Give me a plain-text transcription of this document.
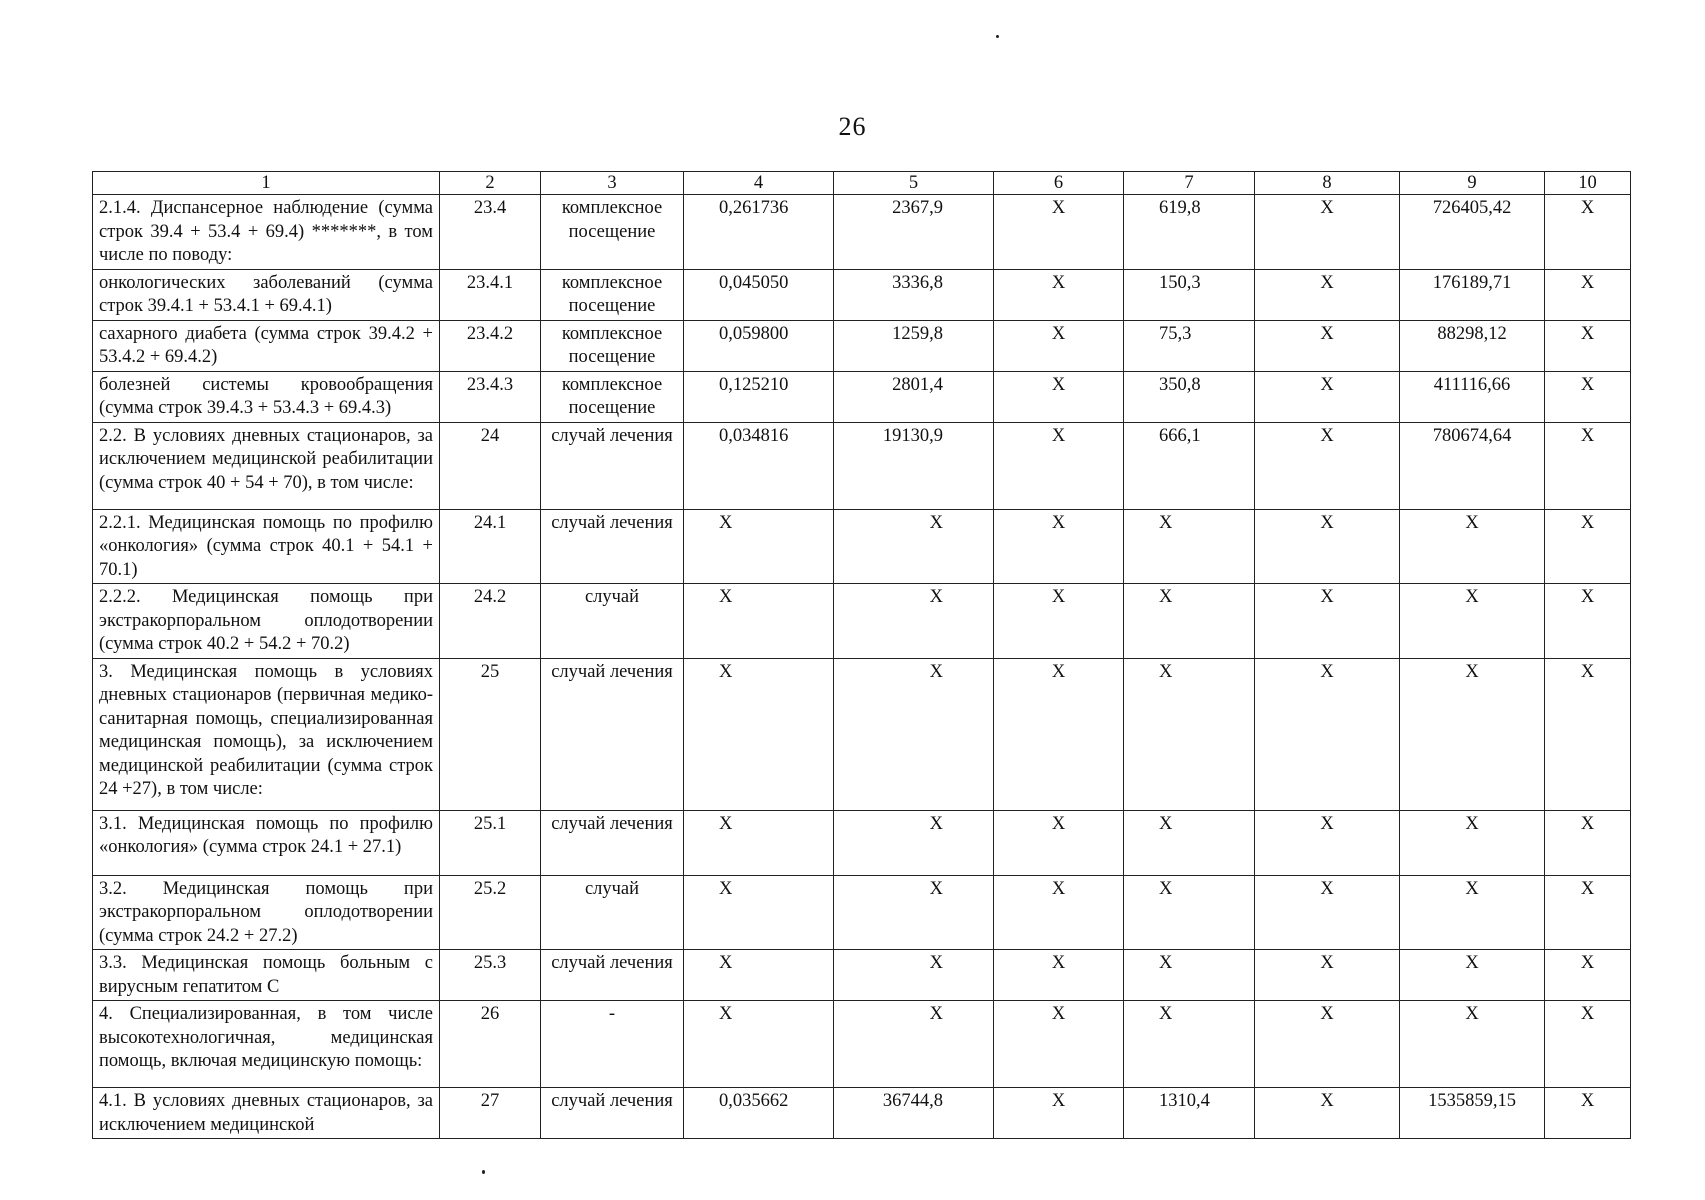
26
1	2	3	4	5	6	7	8	9	10
2.1.4. Диспансерное наблюдение (сумма строк 39.4 + 53.4 + 69.4) *******, в том числе по поводу:	23.4	комплексное посещение	0,261736	2367,9	X	619,8	X	726405,42	X
онкологических заболеваний (сумма строк 39.4.1 + 53.4.1 + 69.4.1)	23.4.1	комплексное посещение	0,045050	3336,8	X	150,3	X	176189,71	X
сахарного диабета (сумма строк 39.4.2 + 53.4.2 + 69.4.2)	23.4.2	комплексное посещение	0,059800	1259,8	X	75,3	X	88298,12	X
болезней системы кровообращения (сумма строк 39.4.3 + 53.4.3 + 69.4.3)	23.4.3	комплексное посещение	0,125210	2801,4	X	350,8	X	411116,66	X
2.2. В условиях дневных стационаров, за исключением медицинской реабилитации (сумма строк 40 + 54 + 70), в том числе:	24	случай лечения	0,034816	19130,9	X	666,1	X	780674,64	X
2.2.1. Медицинская помощь по профилю «онкология» (сумма строк 40.1 + 54.1 + 70.1)	24.1	случай лечения	X	X	X	X	X	X	X
2.2.2. Медицинская помощь при экстракорпоральном оплодотворении (сумма строк 40.2 + 54.2 + 70.2)	24.2	случай	X	X	X	X	X	X	X
3. Медицинская помощь в условиях дневных стационаров (первичная медико-санитарная помощь, специализированная медицинская помощь), за исключением медицинской реабилитации (сумма строк 24 +27), в том числе:	25	случай лечения	X	X	X	X	X	X	X
3.1. Медицинская помощь по профилю «онкология» (сумма строк 24.1 + 27.1)	25.1	случай лечения	X	X	X	X	X	X	X
3.2. Медицинская помощь при экстракорпоральном оплодотворении (сумма строк 24.2 + 27.2)	25.2	случай	X	X	X	X	X	X	X
3.3. Медицинская помощь больным с вирусным гепатитом С	25.3	случай лечения	X	X	X	X	X	X	X
4. Специализированная, в том числе высокотехнологичная, медицинская помощь, включая медицинскую помощь:	26	-	X	X	X	X	X	X	X
4.1. В условиях дневных стационаров, за исключением медицинской	27	случай лечения	0,035662	36744,8	X	1310,4	X	1535859,15	X
